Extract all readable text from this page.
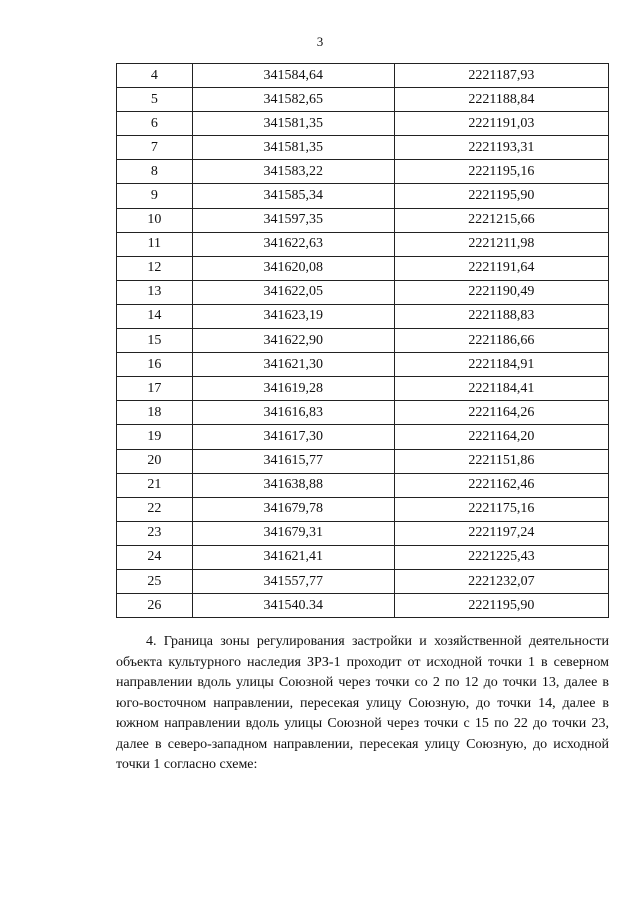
3
4	341584,64	2221187,93
5	341582,65	2221188,84
6	341581,35	2221191,03
7	341581,35	2221193,31
8	341583,22	2221195,16
9	341585,34	2221195,90
10	341597,35	2221215,66
11	341622,63	2221211,98
12	341620,08	2221191,64
13	341622,05	2221190,49
14	341623,19	2221188,83
15	341622,90	2221186,66
16	341621,30	2221184,91
17	341619,28	2221184,41
18	341616,83	2221164,26
19	341617,30	2221164,20
20	341615,77	2221151,86
21	341638,88	2221162,46
22	341679,78	2221175,16
23	341679,31	2221197,24
24	341621,41	2221225,43
25	341557,77	2221232,07
26	341540.34	2221195,90

4. Граница зоны регулирования застройки и хозяйственной деятельности объекта культурного наследия ЗРЗ-1 проходит от исходной точки 1 в северном направлении вдоль улицы Союзной через точки со 2 по 12 до точки 13, далее в юго-восточном направлении, пересекая улицу Союзную, до точки 14, далее в южном направлении вдоль улицы Союзной через точки с 15 по 22 до точки 23, далее в северо-западном направлении, пересекая улицу Союзную, до исходной точки 1 согласно схеме:
